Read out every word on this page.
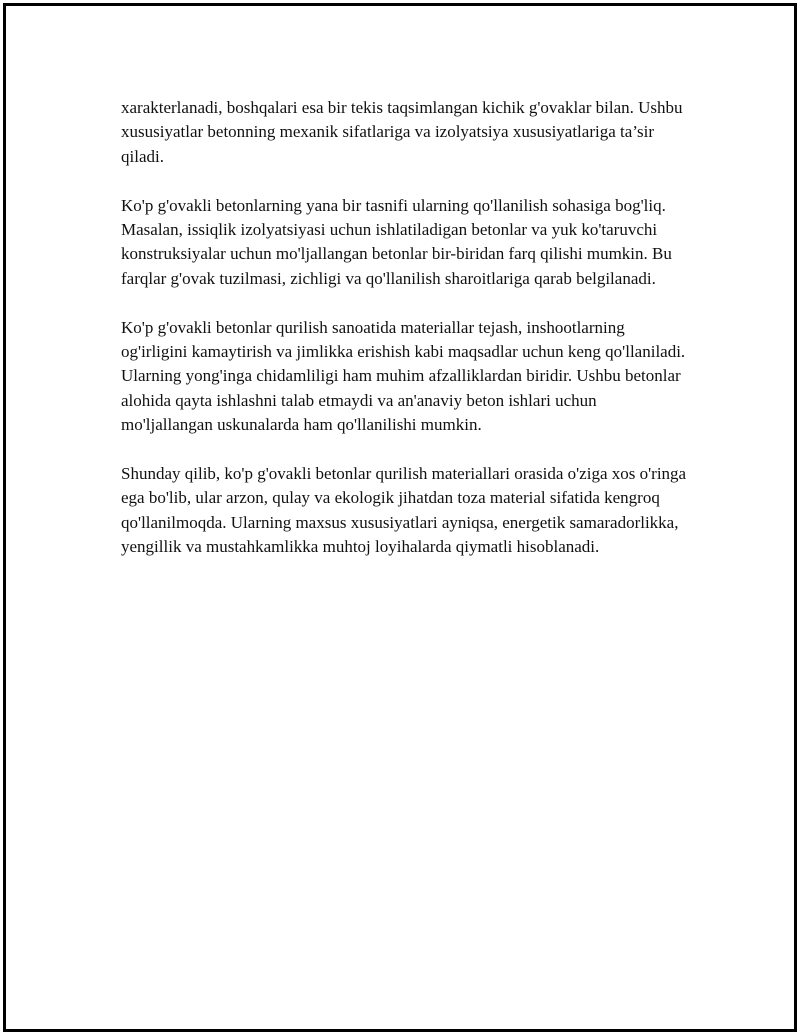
xarakterlanadi, boshqalari esa bir tekis taqsimlangan kichik g'ovaklar bilan. Ushbu xususiyatlar betonning mexanik sifatlariga va izolyatsiya xususiyatlariga ta’sir qiladi.

Ko'p g'ovakli betonlarning yana bir tasnifi ularning qo'llanilish sohasiga bog'liq. Masalan, issiqlik izolyatsiyasi uchun ishlatiladigan betonlar va yuk ko'taruvchi konstruksiyalar uchun mo'ljallangan betonlar bir-biridan farq qilishi mumkin. Bu farqlar g'ovak tuzilmasi, zichligi va qo'llanilish sharoitlariga qarab belgilanadi.

Ko'p g'ovakli betonlar qurilish sanoatida materiallar tejash, inshootlarning og'irligini kamaytirish va jimlikka erishish kabi maqsadlar uchun keng qo'llaniladi. Ularning yong'inga chidamliligi ham muhim afzalliklardan biridir. Ushbu betonlar alohida qayta ishlashni talab etmaydi va an'anaviy beton ishlari uchun mo'ljallangan uskunalarda ham qo'llanilishi mumkin.

Shunday qilib, ko'p g'ovakli betonlar qurilish materiallari orasida o'ziga xos o'ringa ega bo'lib, ular arzon, qulay va ekologik jihatdan toza material sifatida kengroq qo'llanilmoqda. Ularning maxsus xususiyatlari ayniqsa, energetik samaradorlikka, yengillik va mustahkamlikka muhtoj loyihalarda qiymatli hisoblanadi.
